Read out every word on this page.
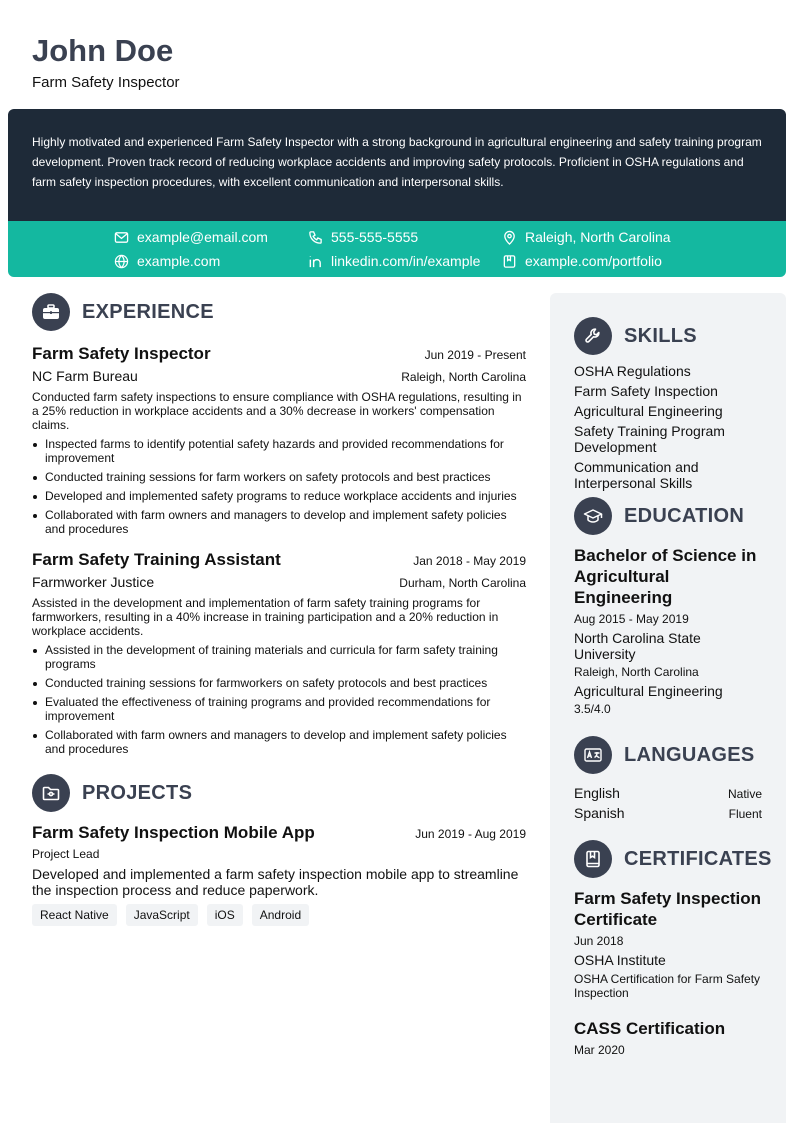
John Doe
Farm Safety Inspector

Highly motivated and experienced Farm Safety Inspector with a strong background in agricultural engineering and safety training program development. Proven track record of reducing workplace accidents and improving safety protocols. Proficient in OSHA regulations and farm safety inspection procedures, with excellent communication and interpersonal skills.

example@email.com	555-555-5555	Raleigh, North Carolina
example.com	linkedin.com/in/example	example.com/portfolio
EXPERIENCE
Farm Safety Inspector	Jun 2019 - Present
NC Farm Bureau	Raleigh, North Carolina
Conducted farm safety inspections to ensure compliance with OSHA regulations, resulting in a 25% reduction in workplace accidents and a 30% decrease in workers' compensation claims.
Inspected farms to identify potential safety hazards and provided recommendations for improvement
Conducted training sessions for farm workers on safety protocols and best practices
Developed and implemented safety programs to reduce workplace accidents and injuries
Collaborated with farm owners and managers to develop and implement safety policies and procedures
Farm Safety Training Assistant	Jan 2018 - May 2019
Farmworker Justice	Durham, North Carolina
Assisted in the development and implementation of farm safety training programs for farmworkers, resulting in a 40% increase in training participation and a 20% reduction in workplace accidents.
Assisted in the development of training materials and curricula for farm safety training programs
Conducted training sessions for farmworkers on safety protocols and best practices
Evaluated the effectiveness of training programs and provided recommendations for improvement
Collaborated with farm owners and managers to develop and implement safety policies and procedures
PROJECTS
Farm Safety Inspection Mobile App	Jun 2019 - Aug 2019
Project Lead
Developed and implemented a farm safety inspection mobile app to streamline the inspection process and reduce paperwork.
React Native	JavaScript	iOS	Android
SKILLS
OSHA Regulations
Farm Safety Inspection
Agricultural Engineering
Safety Training Program Development
Communication and Interpersonal Skills
EDUCATION
Bachelor of Science in Agricultural Engineering
Aug 2015 - May 2019
North Carolina State University
Raleigh, North Carolina
Agricultural Engineering
3.5/4.0
LANGUAGES
English	Native
Spanish	Fluent
CERTIFICATES
Farm Safety Inspection Certificate
Jun 2018
OSHA Institute
OSHA Certification for Farm Safety Inspection
CASS Certification
Mar 2020
